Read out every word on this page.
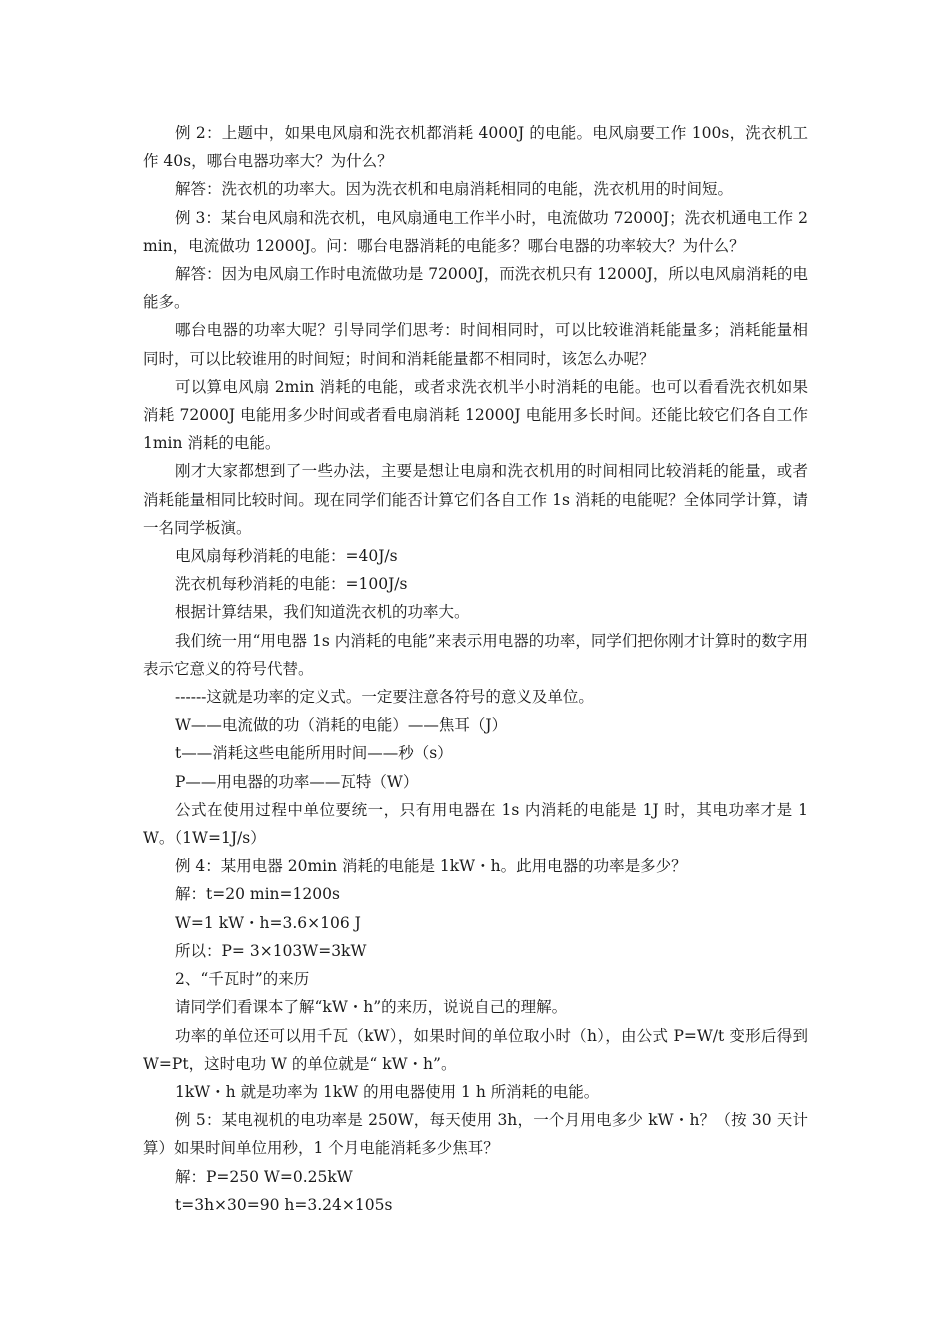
例 2：上题中，如果电风扇和洗衣机都消耗 4000J 的电能。电风扇要工作 100s，洗衣机工作 40s，哪台电器功率大？为什么？

解答：洗衣机的功率大。因为洗衣机和电扇消耗相同的电能，洗衣机用的时间短。

例 3：某台电风扇和洗衣机，电风扇通电工作半小时，电流做功 72000J；洗衣机通电工作 2min，电流做功 12000J。问：哪台电器消耗的电能多？哪台电器的功率较大？为什么？

解答：因为电风扇工作时电流做功是 72000J，而洗衣机只有 12000J，所以电风扇消耗的电能多。

哪台电器的功率大呢？引导同学们思考：时间相同时，可以比较谁消耗能量多；消耗能量相同时，可以比较谁用的时间短；时间和消耗能量都不相同时，该怎么办呢？

可以算电风扇 2min 消耗的电能，或者求洗衣机半小时消耗的电能。也可以看看洗衣机如果消耗 72000J 电能用多少时间或者看电扇消耗 12000J 电能用多长时间。还能比较它们各自工作 1min 消耗的电能。

刚才大家都想到了一些办法，主要是想让电扇和洗衣机用的时间相同比较消耗的能量，或者消耗能量相同比较时间。现在同学们能否计算它们各自工作 1s 消耗的电能呢？全体同学计算，请一名同学板演。

电风扇每秒消耗的电能：=40J/s

洗衣机每秒消耗的电能：=100J/s

根据计算结果，我们知道洗衣机的功率大。

我们统一用“用电器 1s 内消耗的电能”来表示用电器的功率，同学们把你刚才计算时的数字用表示它意义的符号代替。

------这就是功率的定义式。一定要注意各符号的意义及单位。

W——电流做的功（消耗的电能）——焦耳（J）

t——消耗这些电能所用时间——秒（s）

P——用电器的功率——瓦特（W）

公式在使用过程中单位要统一，只有用电器在 1s 内消耗的电能是 1J 时，其电功率才是 1W。（1W=1J/s）

例 4：某用电器 20min 消耗的电能是 1kW・h。此用电器的功率是多少？

解：t=20 min=1200s

W=1 kW・h=3.6×106 J

所以：P= 3×103W=3kW

2、“千瓦时”的来历

请同学们看课本了解“kW・h”的来历，说说自己的理解。

功率的单位还可以用千瓦（kW），如果时间的单位取小时（h），由公式 P=W/t 变形后得到 W=Pt，这时电功 W 的单位就是“ kW・h”。

1kW・h 就是功率为 1kW 的用电器使用 1 h 所消耗的电能。

例 5：某电视机的电功率是 250W，每天使用 3h，一个月用电多少 kW・h？（按 30 天计算）如果时间单位用秒，1 个月电能消耗多少焦耳？

解：P=250 W=0.25kW

t=3h×30=90 h=3.24×105s
